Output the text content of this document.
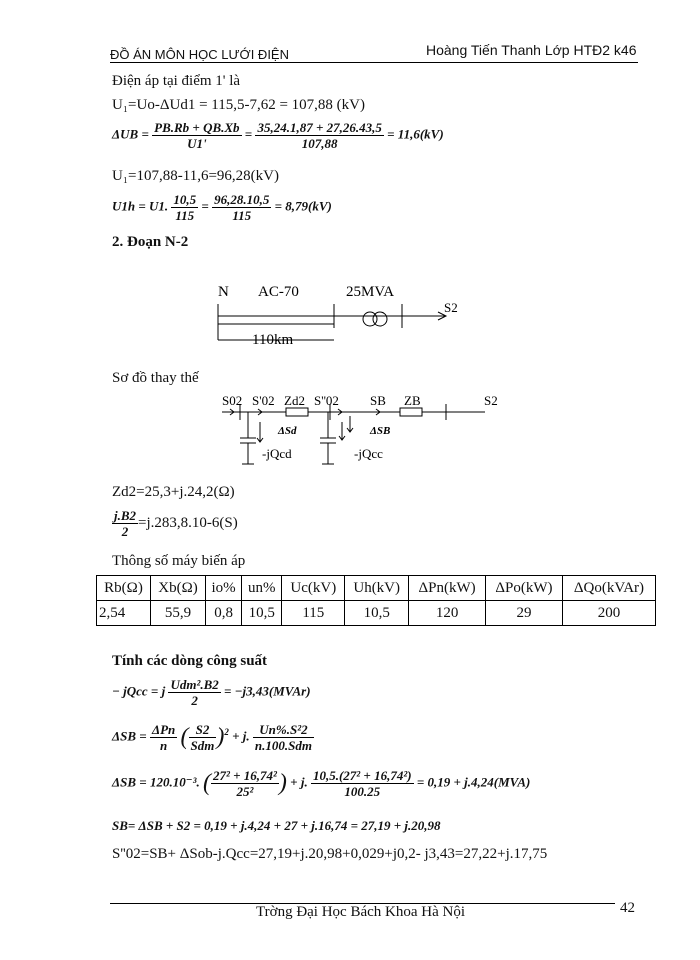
ĐỒ ÁN MÔN HỌC LƯỚI ĐIỆN	Hoàng Tiến Thanh Lớp HTĐ2 k46
Điện áp tại điểm 1' là
U₁=Uo-ΔUd1 = 115,5-7,62 = 107,88 (kV)
$\Delta UB = \frac{PB.Rb + QB.Xb}{U1'} = \frac{35,24.1,87 + 27,26.43,5}{107,88} = 11,6(kV)$
U₁=107,88-11,6=96,28(kV)
U1h = U1. $\frac{10,5}{115} = \frac{96,28.10,5}{115} = 8,79(kV)$
2. Đoạn N-2
N AC-70	25MVA
S2
110km
Sơ đồ thay thế
S02 S'02 Zd2 S''02 SB ZB	S2
ΔSd	ΔSB
-jQcd	-jQcc
Zd2=25,3+j.24,2(Ω)
$\frac{j.B2}{2} =j.283,8.10-6(S)$
Thông số máy biến áp
Rb(Ω)	Xb(Ω)	io%	un%	Uc(kV)	Uh(kV)	ΔPn(kW)	ΔPo(kW)	ΔQo(kVAr)
2,54	55,9	0,8	10,5	115	10,5	120	29	200
Tính các dòng công suất
− jQcc = j $\frac{\text{Udm².B2}}{2}$ = −j3,43(MVAr)
$\Delta SB = \frac{\text{ΔPn}}{n}$ ( $\frac{S2}{\text{Sdm}} )^2 + j$. $\frac{\text{Un\%.S²2}}{\text{n.100.Sdm}}$
ΔSB = 120.10⁻³. ( $\frac{\text{27² + 16,74²}}{\text{25²}}$ ) + j. $\frac{\text{10,5.(27² + 16,74²)}}{100.25} = 0,19 + j.4,24(MVA)$
SB= ΔSB + S2 = 0,19 + j.4,24 + 27 + j.16,74 = 27,19 + j.20,98
S''02=SB+ ΔSob-j.Qcc=27,19+j.20,98+0,029+j0,2- j3,43=27,22+j.17,75
Trờng Đại Học Bách Khoa Hà Nội	42
